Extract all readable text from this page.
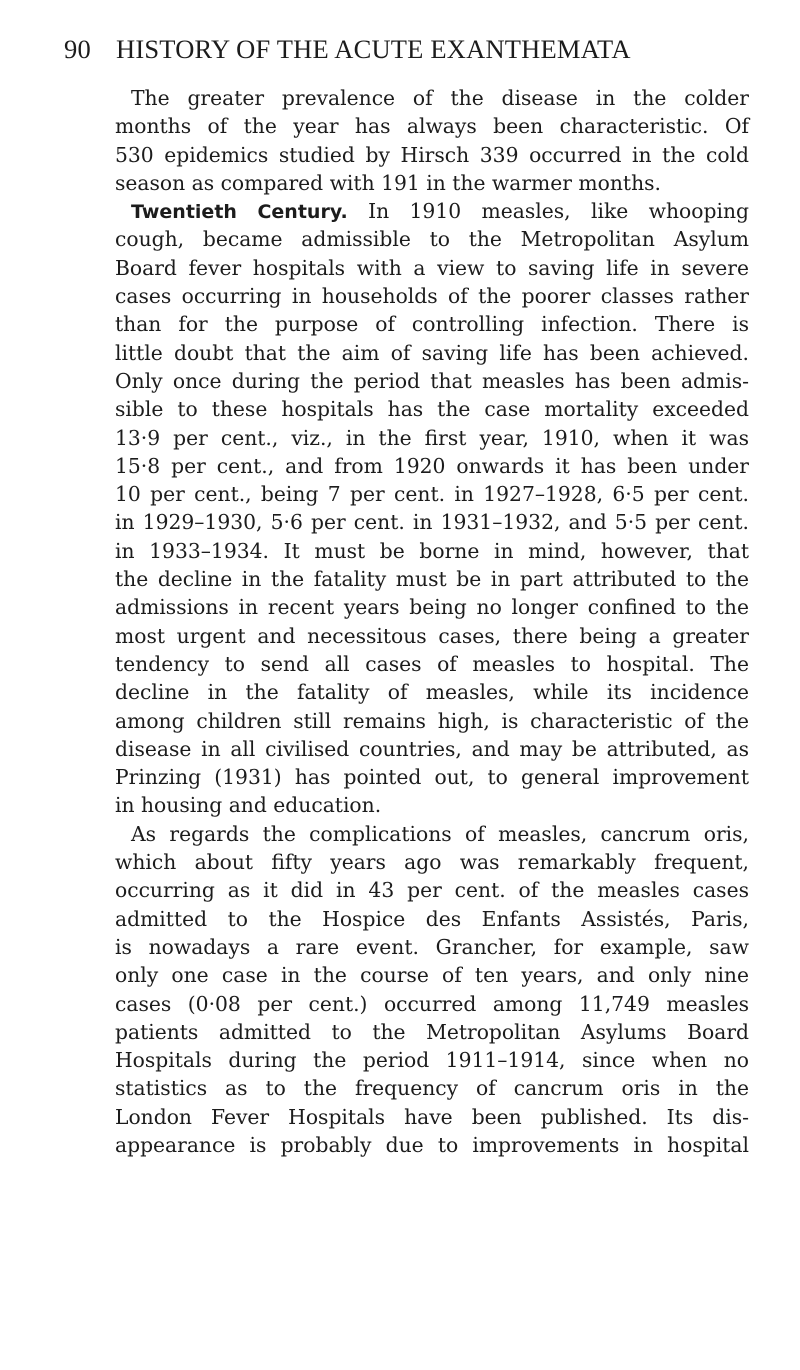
90 HISTORY OF THE ACUTE EXANTHEMATA
The greater prevalence of the disease in the colder
months of the year has always been characteristic. Of
530 epidemics studied by Hirsch 339 occurred in the cold
season as compared with 191 in the warmer months.
Twentieth Century. In 1910 measles, like whooping
cough, became admissible to the Metropolitan Asylum
Board fever hospitals with a view to saving life in severe
cases occurring in households of the poorer classes rather
than for the purpose of controlling infection. There is
little doubt that the aim of saving life has been achieved.
Only once during the period that measles has been admis-
sible to these hospitals has the case mortality exceeded
13·9 per cent., viz., in the first year, 1910, when it was
15·8 per cent., and from 1920 onwards it has been under
10 per cent., being 7 per cent. in 1927–1928, 6·5 per cent.
in 1929–1930, 5·6 per cent. in 1931–1932, and 5·5 per cent.
in 1933–1934. It must be borne in mind, however, that
the decline in the fatality must be in part attributed to the
admissions in recent years being no longer confined to the
most urgent and necessitous cases, there being a greater
tendency to send all cases of measles to hospital. The
decline in the fatality of measles, while its incidence
among children still remains high, is characteristic of the
disease in all civilised countries, and may be attributed, as
Prinzing (1931) has pointed out, to general improvement
in housing and education.
As regards the complications of measles, cancrum oris,
which about fifty years ago was remarkably frequent,
occurring as it did in 43 per cent. of the measles cases
admitted to the Hospice des Enfants Assistés, Paris,
is nowadays a rare event. Grancher, for example, saw
only one case in the course of ten years, and only nine
cases (0·08 per cent.) occurred among 11,749 measles
patients admitted to the Metropolitan Asylums Board
Hospitals during the period 1911–1914, since when no
statistics as to the frequency of cancrum oris in the
London Fever Hospitals have been published. Its dis-
appearance is probably due to improvements in hospital
